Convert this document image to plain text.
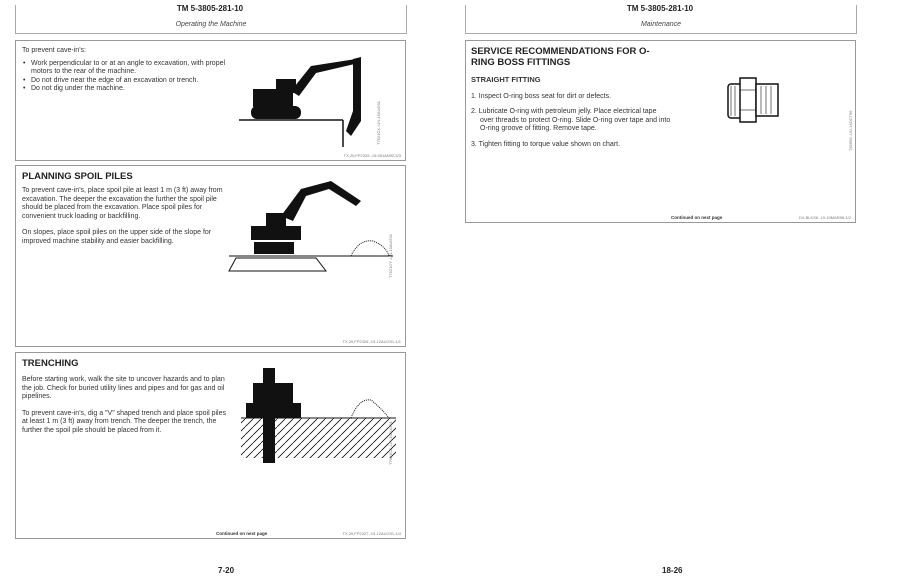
TM 5-3805-281-10
Operating the Machine
To prevent cave-in's:
• Work perpendicular to or at an angle to excavation, with propel motors to the rear of the machine.
• Do not drive near the edge of an excavation or trench.
• Do not dig under the machine.
T7621CX -UN-15AUG91
TX,20,FP2325 -19-09JAN92-5/3
PLANNING SPOIL PILES

To prevent cave-in's, place spoil pile at least 1 m (3 ft) away from excavation. The deeper the excavation the further the spoil pile should be placed from the excavation. Place spoil piles for convenient truck loading or backfilling.

On slopes, place spoil piles on the upper side of the slope for improved machine stability and easier backfilling.	T7621CY -UN-15AUG91
TX,20,FP2326 -19-12AUG91-1/1
TRENCHING

Before starting work, walk the site to uncover hazards and to plan the job. Check for buried utility lines and pipes and for gas and oil pipelines.

To prevent cave-in's, dig a "V" shaped trench and place spoil piles at least 1 m (3 ft) away from trench. The deeper the trench, the further the spoil pile should be placed from it.	T7621CZ -UN-15AUG91
Continued on next page	TX,20,FP2327 -19-12AUG91-1/4
7-20
TM 5-3805-281-10
Maintenance
SERVICE RECOMMENDATIONS FOR O-RING BOSS FITTINGS
STRAIGHT FITTING
1. Inspect O-ring boss seat for dirt or defects.
2. Lubricate O-ring with petroleum jelly. Place electrical tape over threads to protect O-ring. Slide O-ring over tape and into O-ring groove of fitting. Remove tape.
3. Tighten fitting to torque value shown on chart.	T82658 -UN-14OCT96
Continued on next page	DX,BLKS6 -19-19MAR96-1/2
18-26
